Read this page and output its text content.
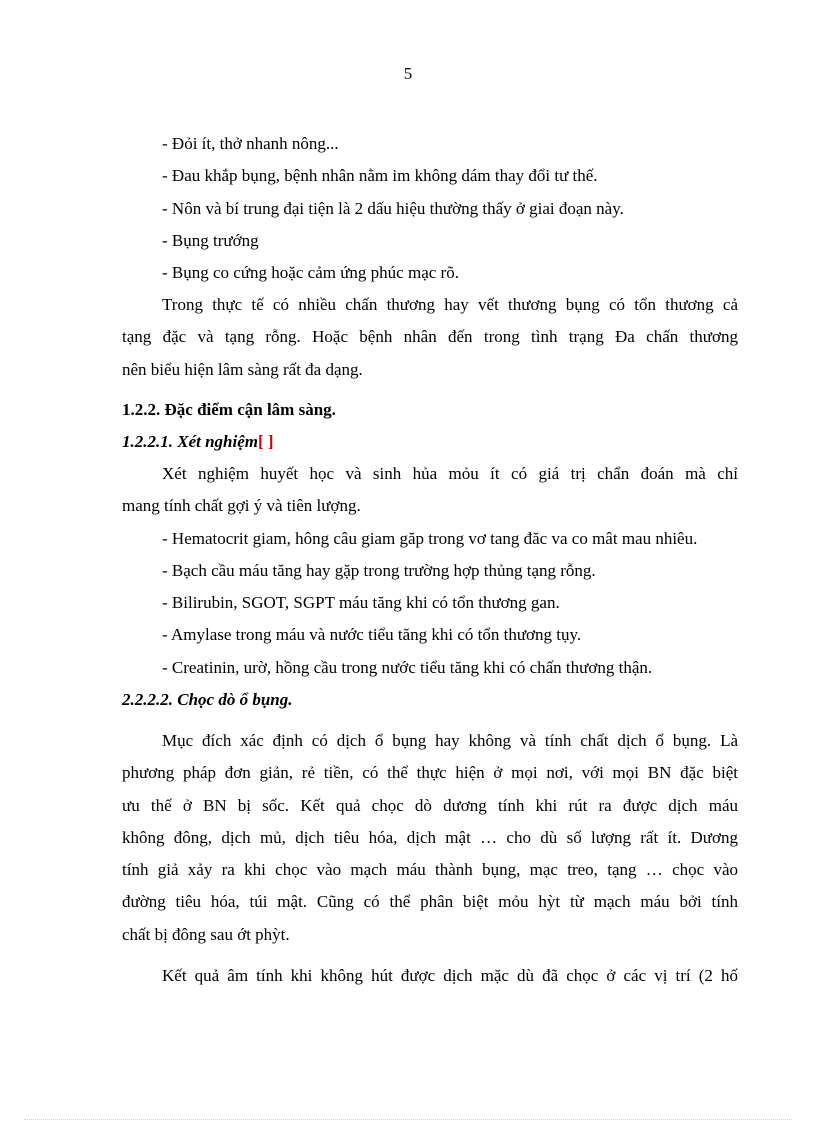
5
- Đỏi ít, thở nhanh nông...
- Đau khắp bụng, bệnh nhân nằm im không dám thay đổi tư thế.
- Nôn và bí trung đại tiện là 2 dấu hiệu thường thấy ở giai đoạn này.
- Bụng trướng
- Bụng co cứng hoặc cảm ứng phúc mạc rõ.
Trong thực tế có nhiều chấn thương hay vết thương bụng có tổn thương cả
tạng đặc và tạng rỗng. Hoặc bệnh nhân đến trong tình trạng Đa chấn thương
nên biểu hiện lâm sàng rất đa dạng.
1.2.2. Đặc điểm cận lâm sàng.
1.2.2.1. Xét nghiệm[ ]
Xét nghiệm huyết học và sinh hủa mỏu ít có giá trị chẩn đoán mà chỉ
mang tính chất gợi ý và tiên lượng.
- Hematocrit giam, hông câu giam găp trong vơ tang đăc va co mât mau nhiêu.
- Bạch cầu máu tăng hay gặp trong trường hợp thủng tạng rỗng.
- Bilirubin, SGOT, SGPT máu tăng khi có tổn thương gan.
- Amylase trong máu và nước tiểu tăng khi có tổn thương tụy.
- Creatinin, urờ, hồng cầu trong nước tiểu tăng khi có chấn thương thận.
2.2.2.2. Chọc dò ổ bụng.
Mục đích xác định có dịch ổ bụng hay không và tính chất dịch ổ bụng. Là
phương pháp đơn giản, rẻ tiền, có thể thực hiện ở mọi nơi, với mọi BN đặc biệt
ưu thế ở BN bị sốc. Kết quả chọc dò dương tính khi rút ra được dịch máu
không đông, dịch mủ, dịch tiêu hóa, dịch mật … cho dù số lượng rất ít. Dương
tính giả xảy ra khi chọc vào mạch máu thành bụng, mạc treo, tạng … chọc vào
đường tiêu hóa, túi mật. Cũng có thể phân biệt mỏu hỳt từ mạch máu bởi tính
chất bị đông sau ớt phỳt.
Kết quả âm tính khi không hút được dịch mặc dù đã chọc ở các vị trí (2 hố
